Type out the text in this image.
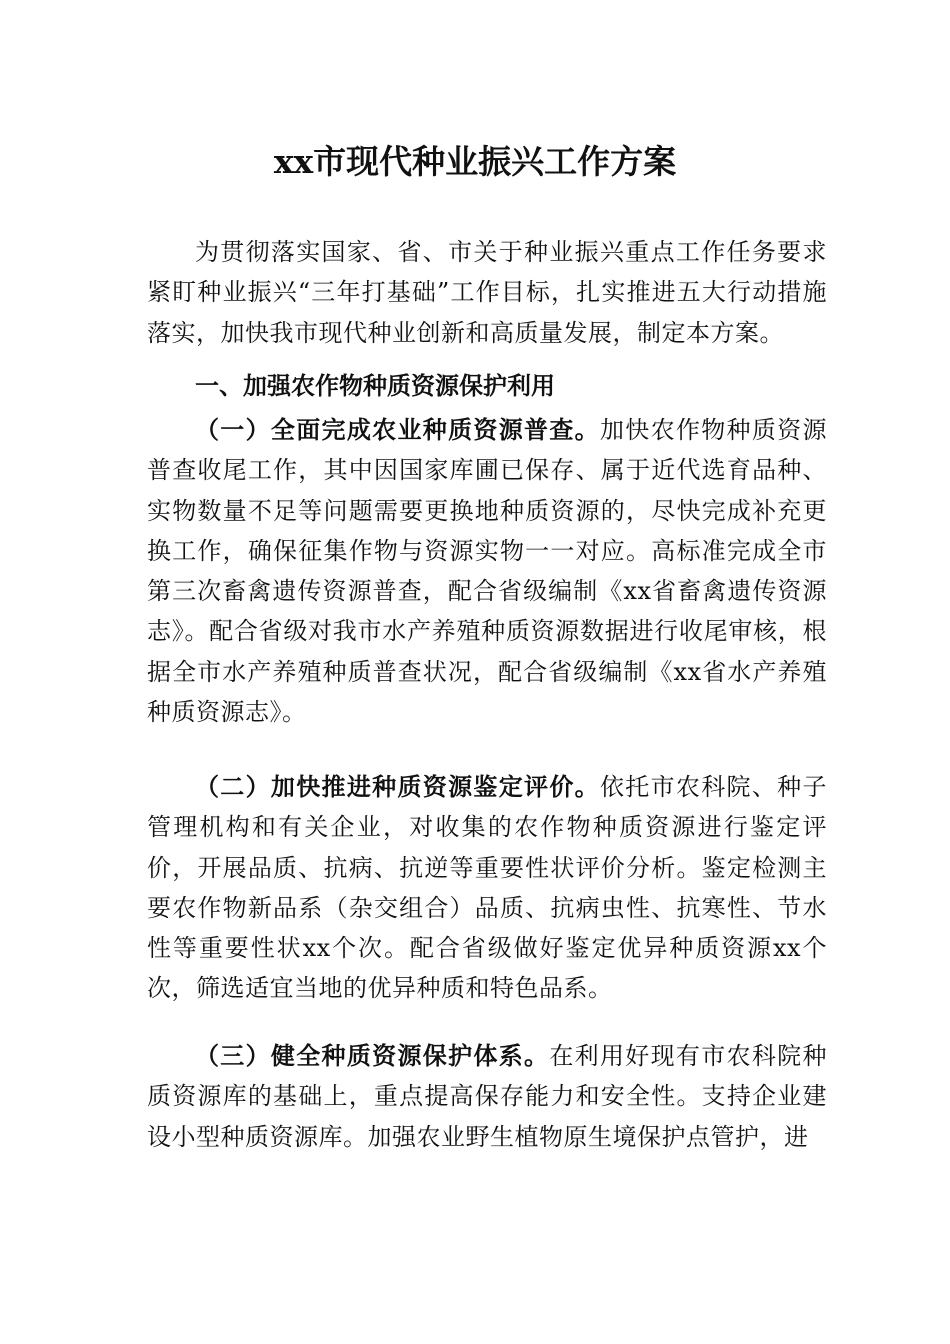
xx市现代种业振兴工作方案

为贯彻落实国家、省、市关于种业振兴重点工作任务要求紧盯种业振兴“三年打基础”工作目标，扎实推进五大行动措施落实，加快我市现代种业创新和高质量发展，制定本方案。

一、加强农作物种质资源保护利用

（一）全面完成农业种质资源普查。加快农作物种质资源普查收尾工作，其中因国家库圃已保存、属于近代选育品种、实物数量不足等问题需要更换地种质资源的，尽快完成补充更换工作，确保征集作物与资源实物一一对应。高标准完成全市第三次畜禽遗传资源普查，配合省级编制《xx省畜禽遗传资源志》。配合省级对我市水产养殖种质资源数据进行收尾审核，根据全市水产养殖种质普查状况，配合省级编制《xx省水产养殖种质资源志》。

（二）加快推进种质资源鉴定评价。依托市农科院、种子管理机构和有关企业，对收集的农作物种质资源进行鉴定评价，开展品质、抗病、抗逆等重要性状评价分析。鉴定检测主要农作物新品系（杂交组合）品质、抗病虫性、抗寒性、节水性等重要性状xx个次。配合省级做好鉴定优异种质资源xx个次，筛选适宜当地的优异种质和特色品系。

（三）健全种质资源保护体系。在利用好现有市农科院种质资源库的基础上，重点提高保存能力和安全性。支持企业建设小型种质资源库。加强农业野生植物原生境保护点管护，进
